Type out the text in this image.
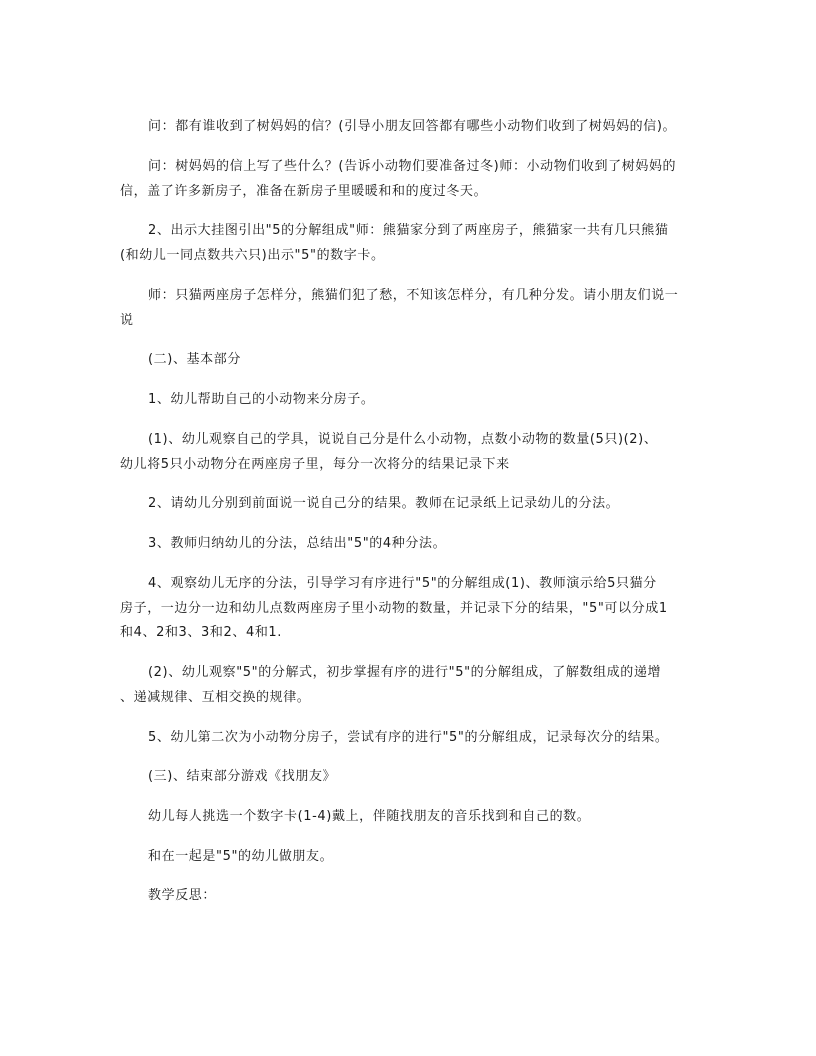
问：都有谁收到了树妈妈的信？(引导小朋友回答都有哪些小动物们收到了树妈妈的信)。
问：树妈妈的信上写了些什么？(告诉小动物们要准备过冬)师：小动物们收到了树妈妈的
信，盖了许多新房子，准备在新房子里暖暖和和的度过冬天。
2、出示大挂图引出"5的分解组成"师：熊猫家分到了两座房子，熊猫家一共有几只熊猫
(和幼儿一同点数共六只)出示"5"的数字卡。
师：只猫两座房子怎样分，熊猫们犯了愁，不知该怎样分，有几种分发。请小朋友们说一
说
(二)、基本部分
1、幼儿帮助自己的小动物来分房子。
(1)、幼儿观察自己的学具，说说自己分是什么小动物，点数小动物的数量(5只)(2)、
幼儿将5只小动物分在两座房子里，每分一次将分的结果记录下来
2、请幼儿分别到前面说一说自己分的结果。教师在记录纸上记录幼儿的分法。
3、教师归纳幼儿的分法，总结出"5"的4种分法。
4、观察幼儿无序的分法，引导学习有序进行"5"的分解组成(1)、教师演示给5只猫分
房子，一边分一边和幼儿点数两座房子里小动物的数量，并记录下分的结果，"5"可以分成1
和4、2和3、3和2、4和1.
(2)、幼儿观察"5"的分解式，初步掌握有序的进行"5"的分解组成，了解数组成的递增
、递减规律、互相交换的规律。
5、幼儿第二次为小动物分房子，尝试有序的进行"5"的分解组成，记录每次分的结果。
(三)、结束部分游戏《找朋友》
幼儿每人挑选一个数字卡(1-4)戴上，伴随找朋友的音乐找到和自己的数。
和在一起是"5"的幼儿做朋友。
教学反思：
